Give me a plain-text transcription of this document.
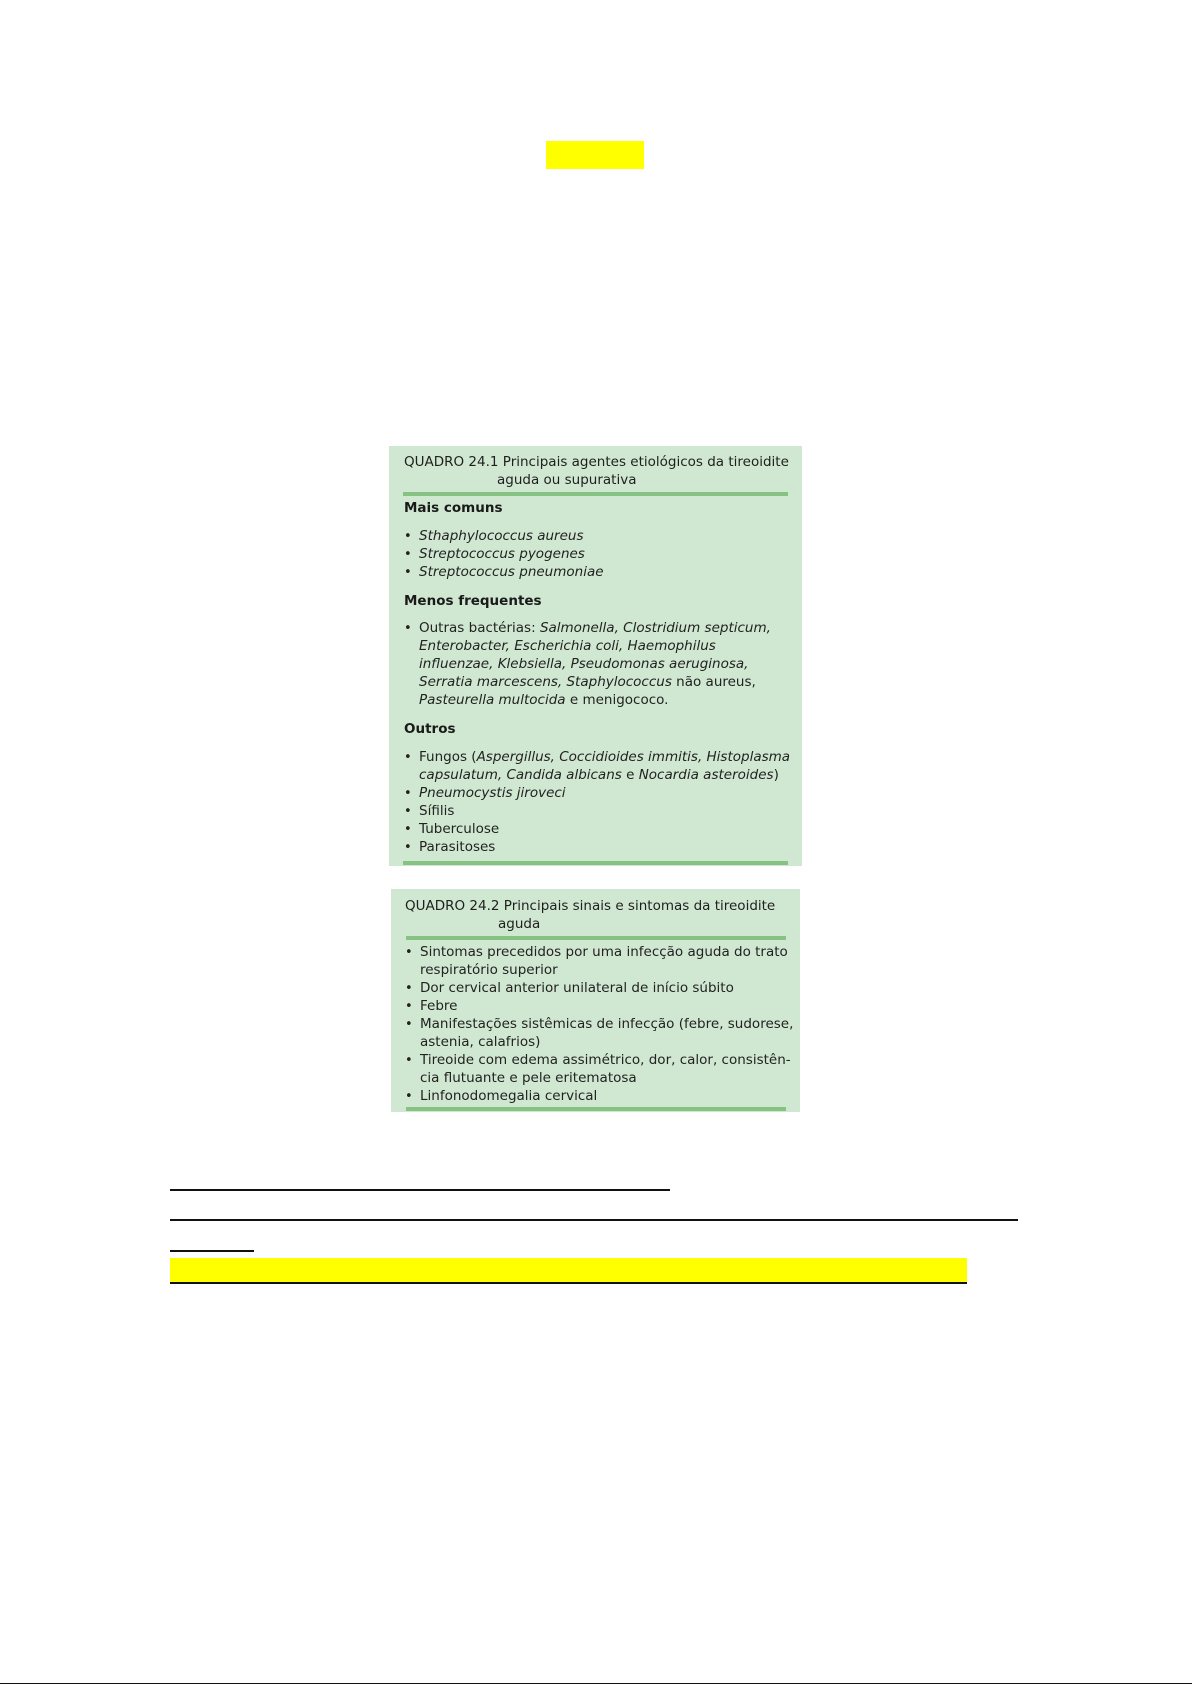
QUADRO 24.1 Principais agentes etiológicos da tireoidite
aguda ou supurativa
Mais comuns
• Sthaphylococcus aureus
• Streptococcus pyogenes
• Streptococcus pneumoniae
Menos frequentes
• Outras bactérias: Salmonella, Clostridium septicum,
Enterobacter, Escherichia coli, Haemophilus
influenzae, Klebsiella, Pseudomonas aeruginosa,
Serratia marcescens, Staphylococcus não aureus,
Pasteurella multocida e menigococo.
Outros
• Fungos (Aspergillus, Coccidioides immitis, Histoplasma
capsulatum, Candida albicans e Nocardia asteroides)
• Pneumocystis jiroveci
• Sífilis
• Tuberculose
• Parasitoses
QUADRO 24.2 Principais sinais e sintomas da tireoidite
aguda
• Sintomas precedidos por uma infecção aguda do trato
respiratório superior
• Dor cervical anterior unilateral de início súbito
• Febre
• Manifestações sistêmicas de infecção (febre, sudorese,
astenia, calafrios)
• Tireoide com edema assimétrico, dor, calor, consistên-
cia flutuante e pele eritematosa
• Linfonodomegalia cervical
